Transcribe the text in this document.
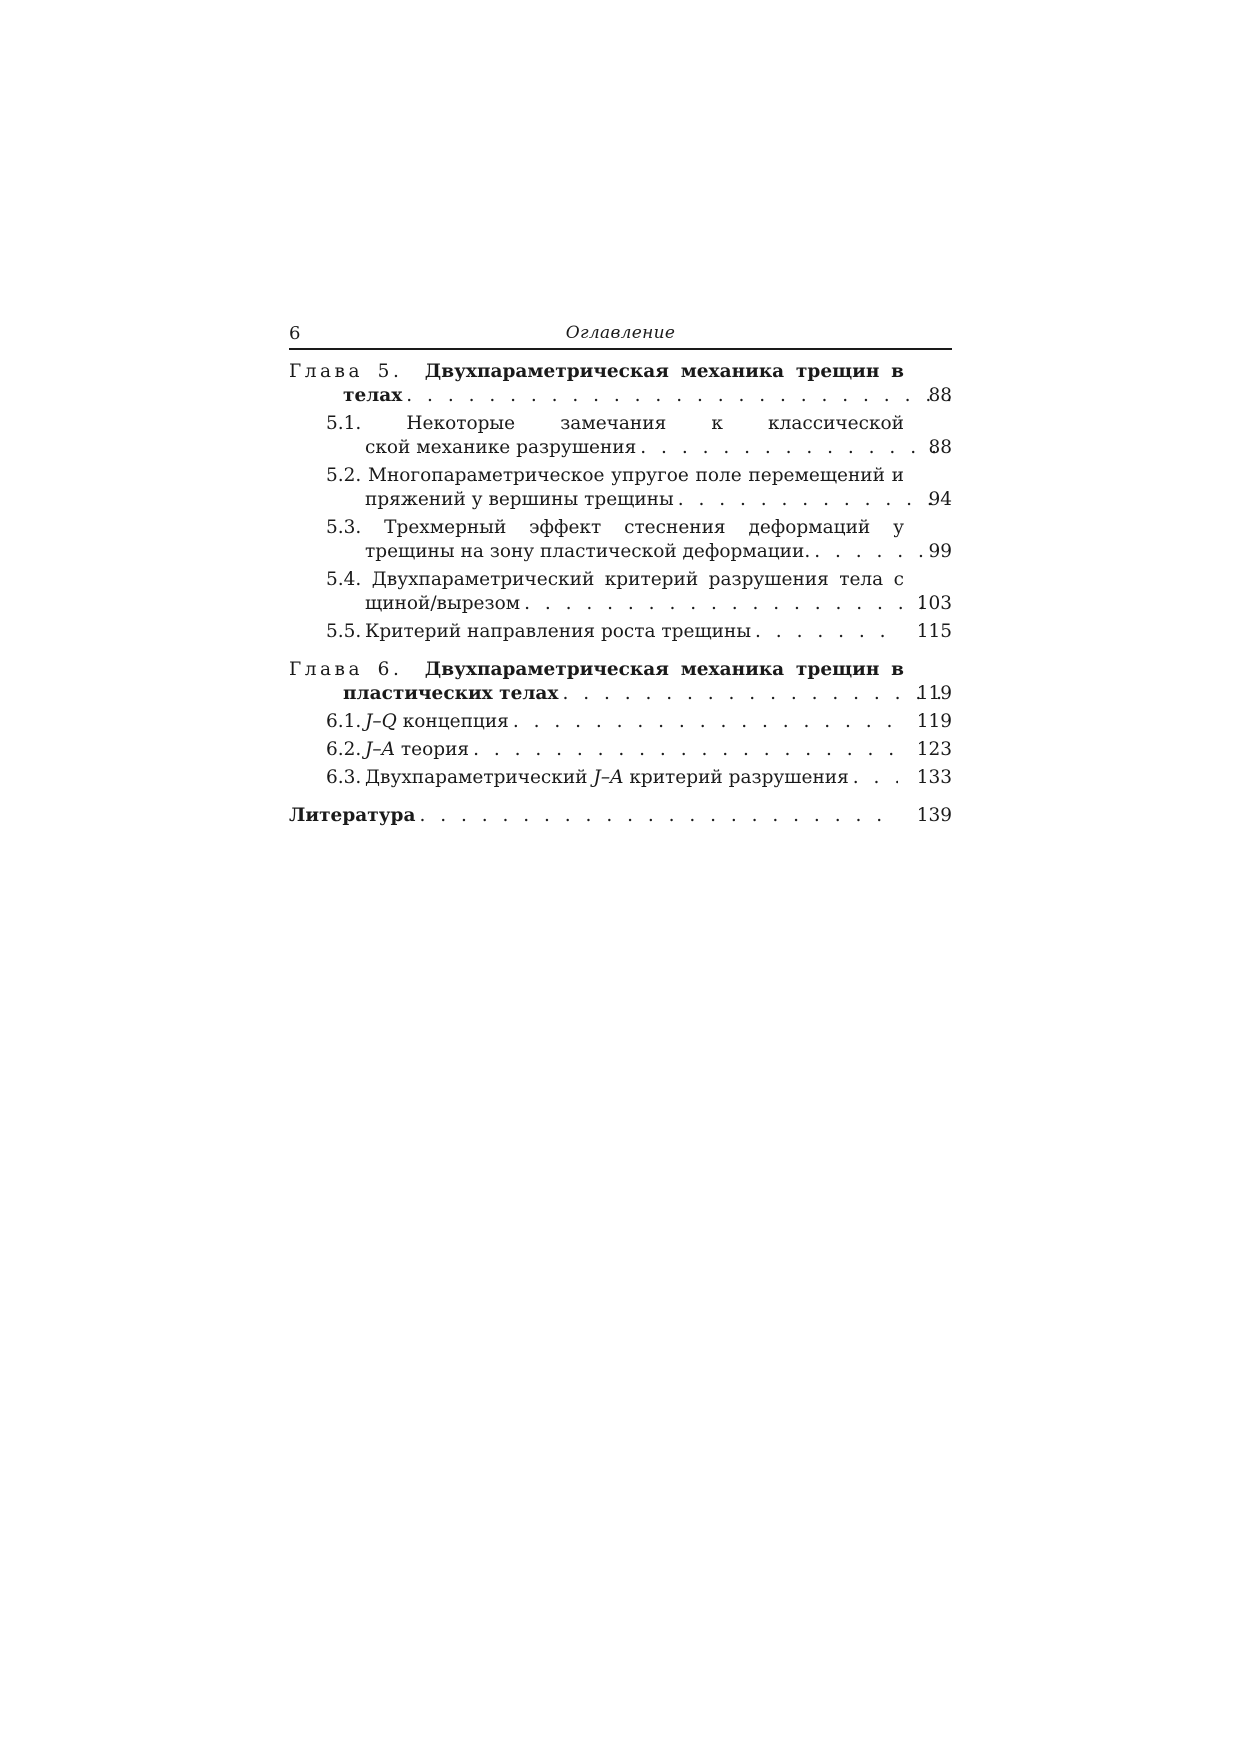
6	Оглавление
Глава 5. Двухпараметрическая механика трещин в
телах . . .	88
5.1. Некоторые замечания к классической
ской механике разрушения . . .	88
5.2. Многопараметрическое упругое поле перемещений и
пряжений у вершины трещины . . .	94
5.3. Трехмерный эффект стеснения деформаций у
трещины на зону пластической деформации. . . .	99
5.4. Двухпараметрический критерий разрушения тела с
щиной/вырезом . . .	103
5.5. Критерий направления роста трещины . . .	115
Глава 6. Двухпараметрическая механика трещин в
пластических телах . . .	119
6.1. J–Q концепция . . .	119
6.2. J–A теория . . .	123
6.3. Двухпараметрический J–A критерий разрушения . . .	133
Литература . . .	139
